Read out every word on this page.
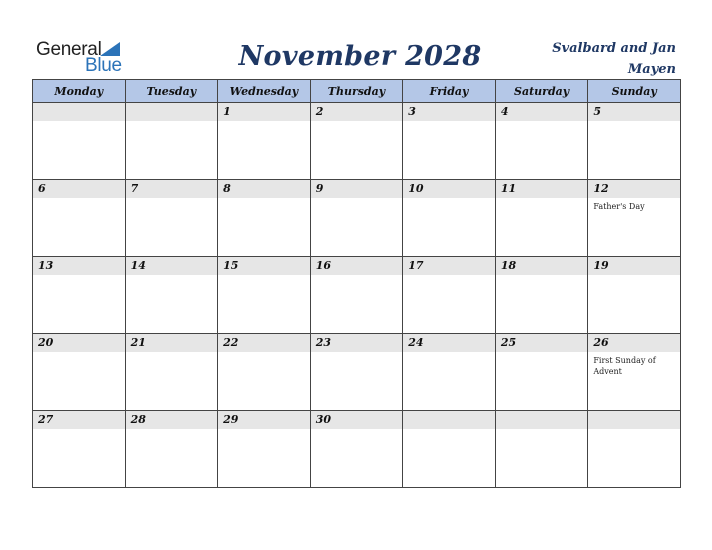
General
Blue	November 2028	Svalbard and Jan Mayen
Monday	Tuesday	Wednesday	Thursday	Friday	Saturday	Sunday

		1	2	3	4	5

6	7	8	9	10	11	12
Father's Day

13	14	15	16	17	18	19

20	21	22	23	24	25	26
First Sunday of Advent

27	28	29	30			
